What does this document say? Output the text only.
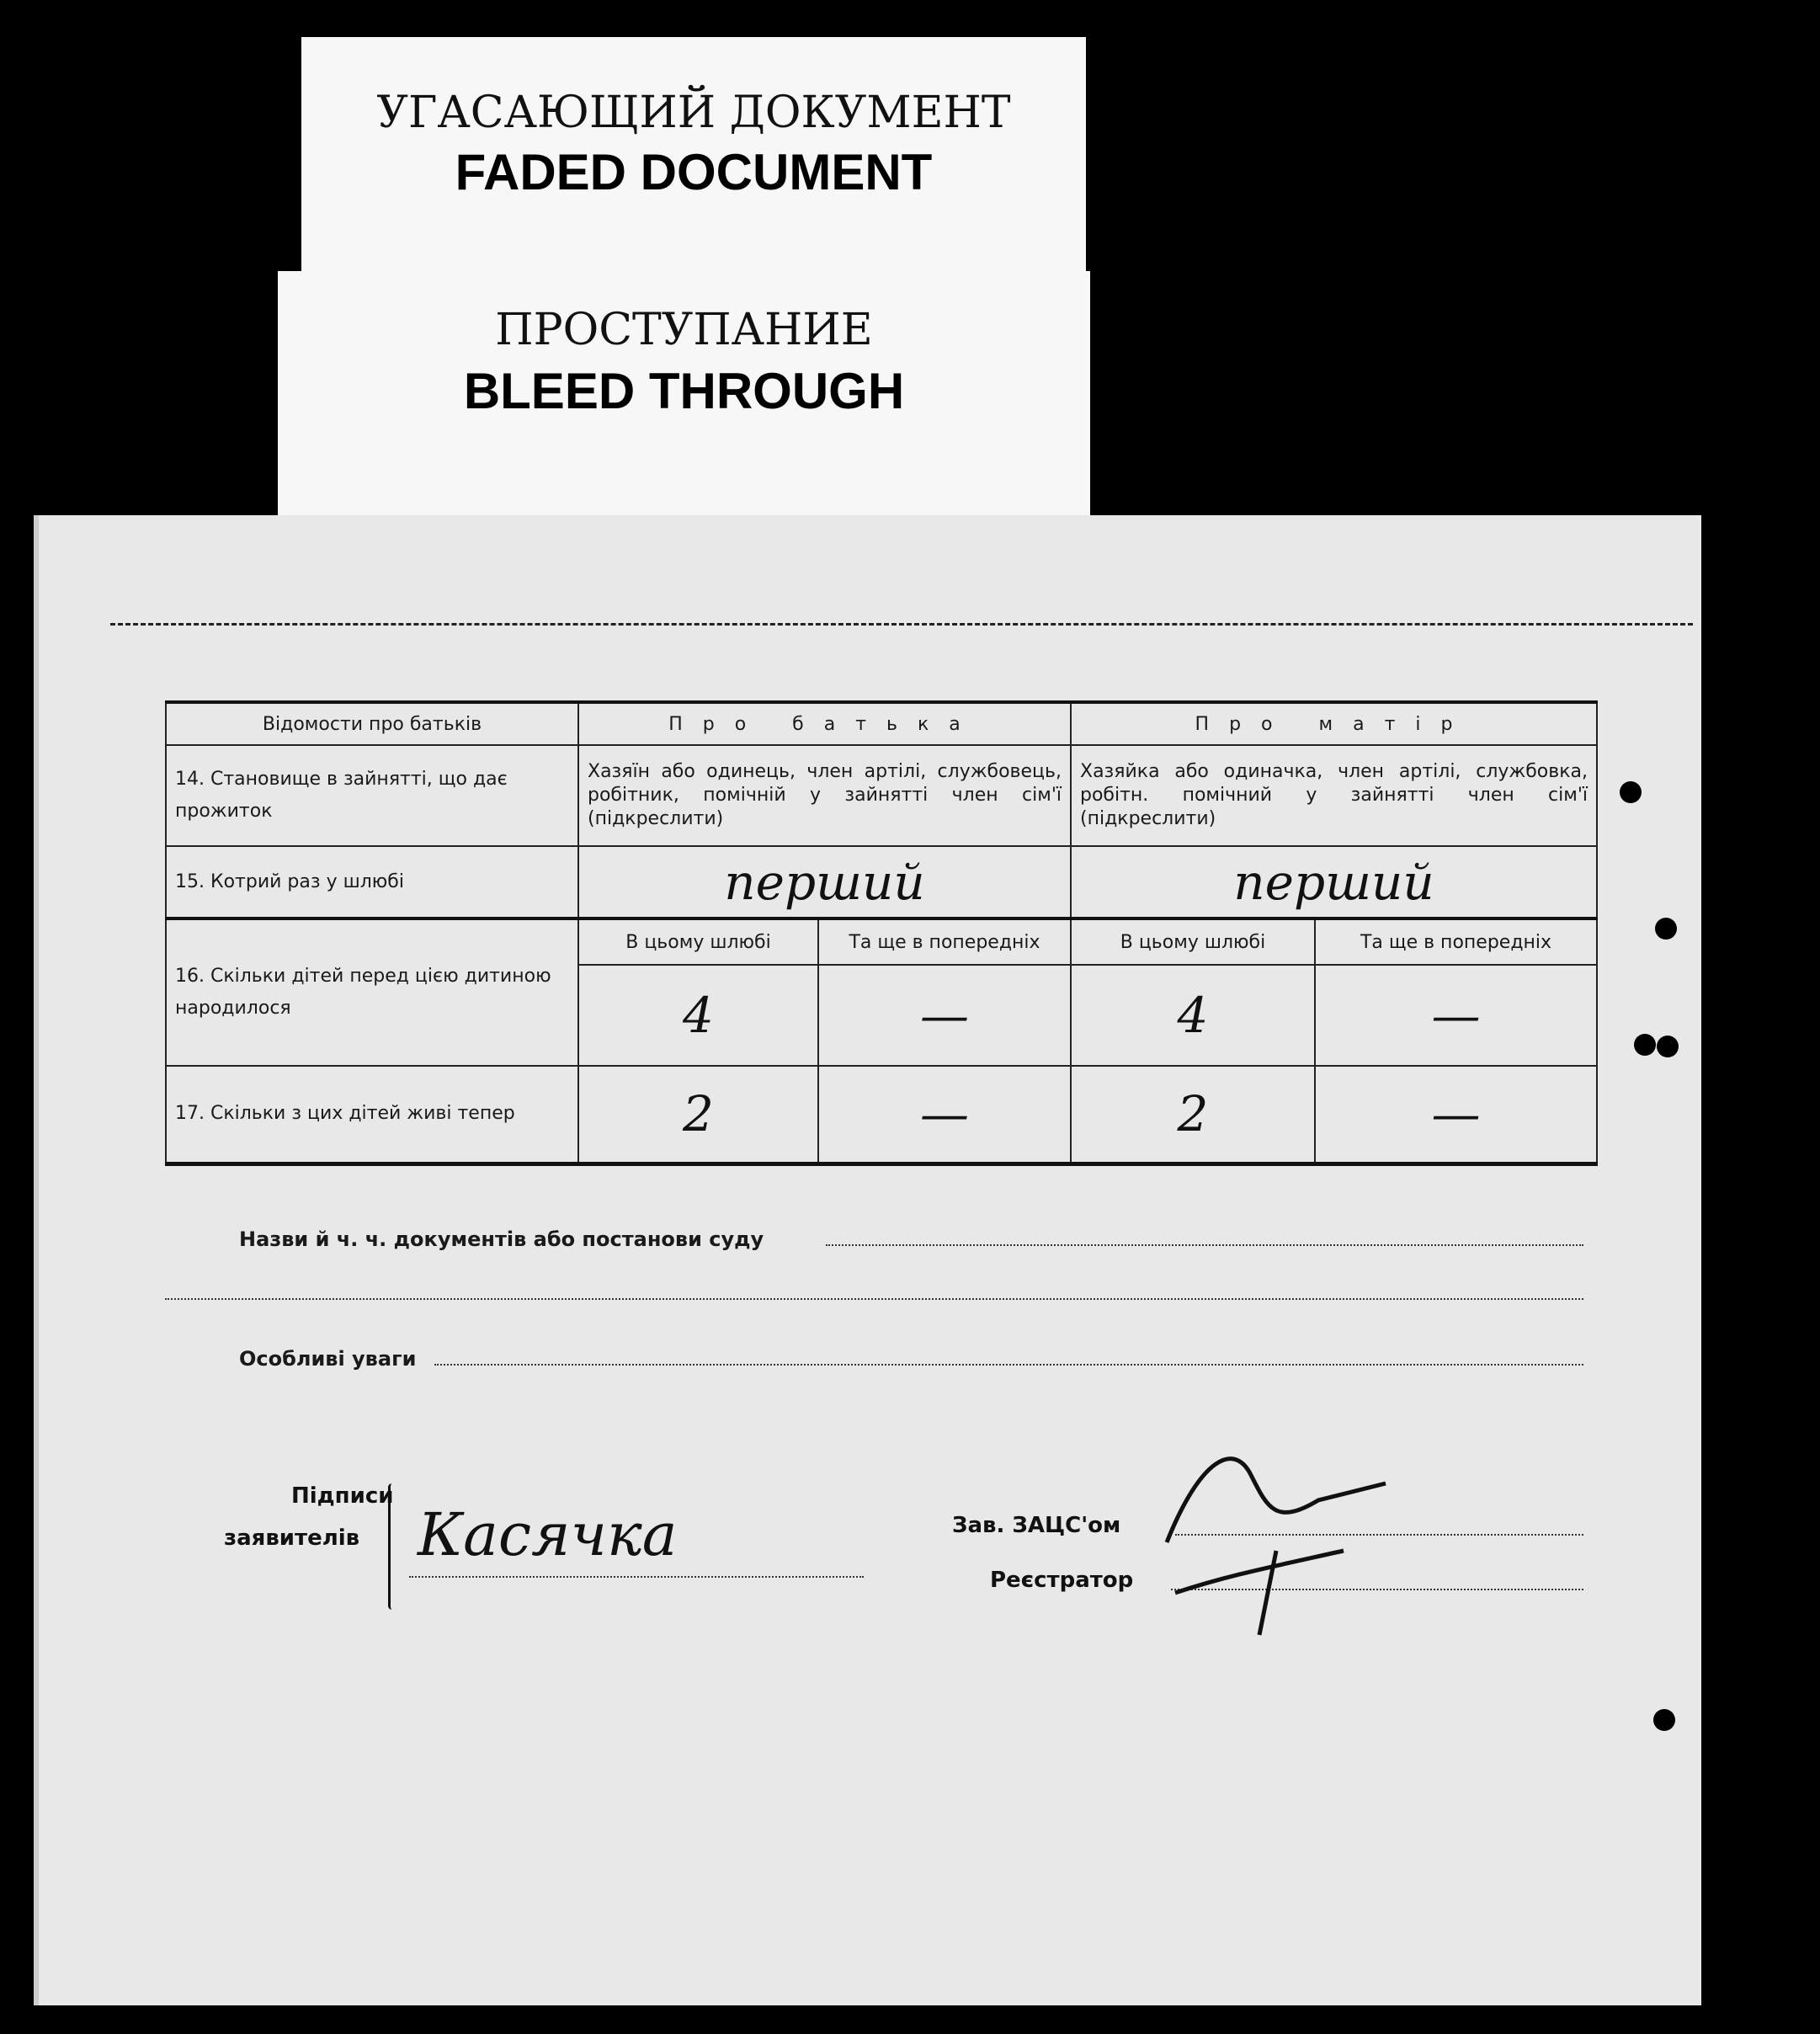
УГАСАЮЩИЙ ДОКУМЕНТ
FADED DOCUMENT
ПРОСТУПАНИЕ
BLEED THROUGH
Відомости про батьків	Про батька		Про матір	
14. Становище в зайнятті, що дає прожиток	Хазяїн або одинець, член артілі, службовець, робітник, помічній у зайнятті член сім'ї (підкреслити)		Хазяйка або одиначка, член артілі, службовка, робітн. помічний у зайнятті член сім'ї (підкреслити)	
15. Котрий раз у шлюбі	перший		перший	
16. Скільки дітей перед цією дитиною народилося	В цьому шлюбі	Та ще в попередніх	В цьому шлюбі	Та ще в попередніх
	4	—	4	—
17. Скільки з цих дітей живі тепер	2	—	2	—
Назви й ч. ч. документів або постанови суду
Особливі уваги
Підписи
заявителів Касячка	Зав. ЗАЦС'ом
Реєстратор
